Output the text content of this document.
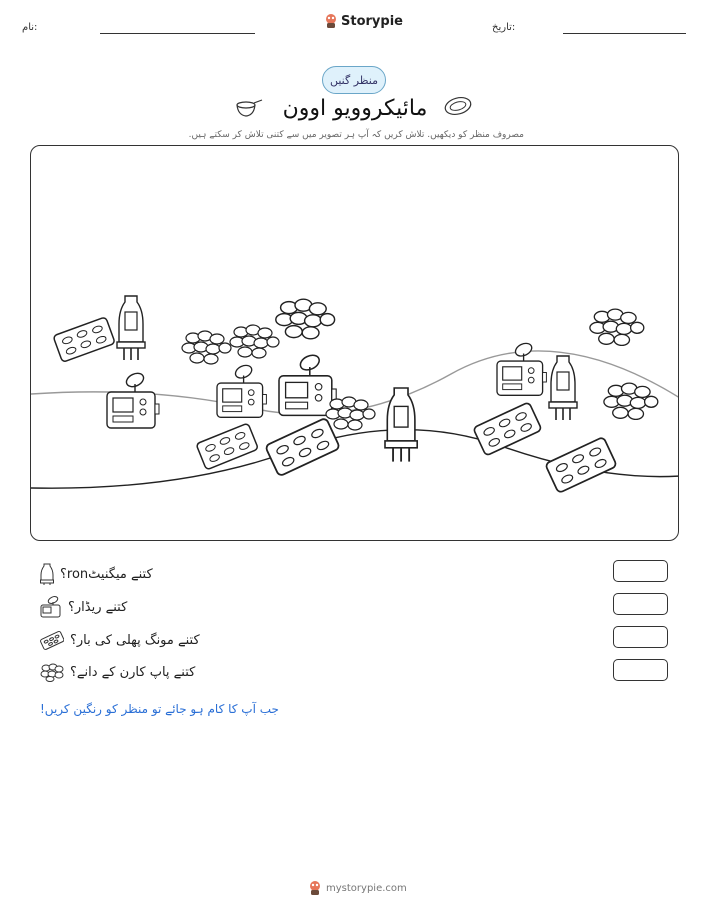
نام:	Storypie	تاریخ:
منظر گنیں
مائیکروویو اوون
مصروف منظر کو دیکھیں. تلاش کریں کہ آپ ہر تصویر میں سے کتنی تلاش کر سکتے ہیں.
کتنے میگنیٹron؟
کتنے ریڈار؟
کتنے مونگ پھلی کی بار؟
کتنے پاپ کارن کے دانے؟
جب آپ کا کام ہو جائے تو منظر کو رنگین کریں!
mystorypie.com
